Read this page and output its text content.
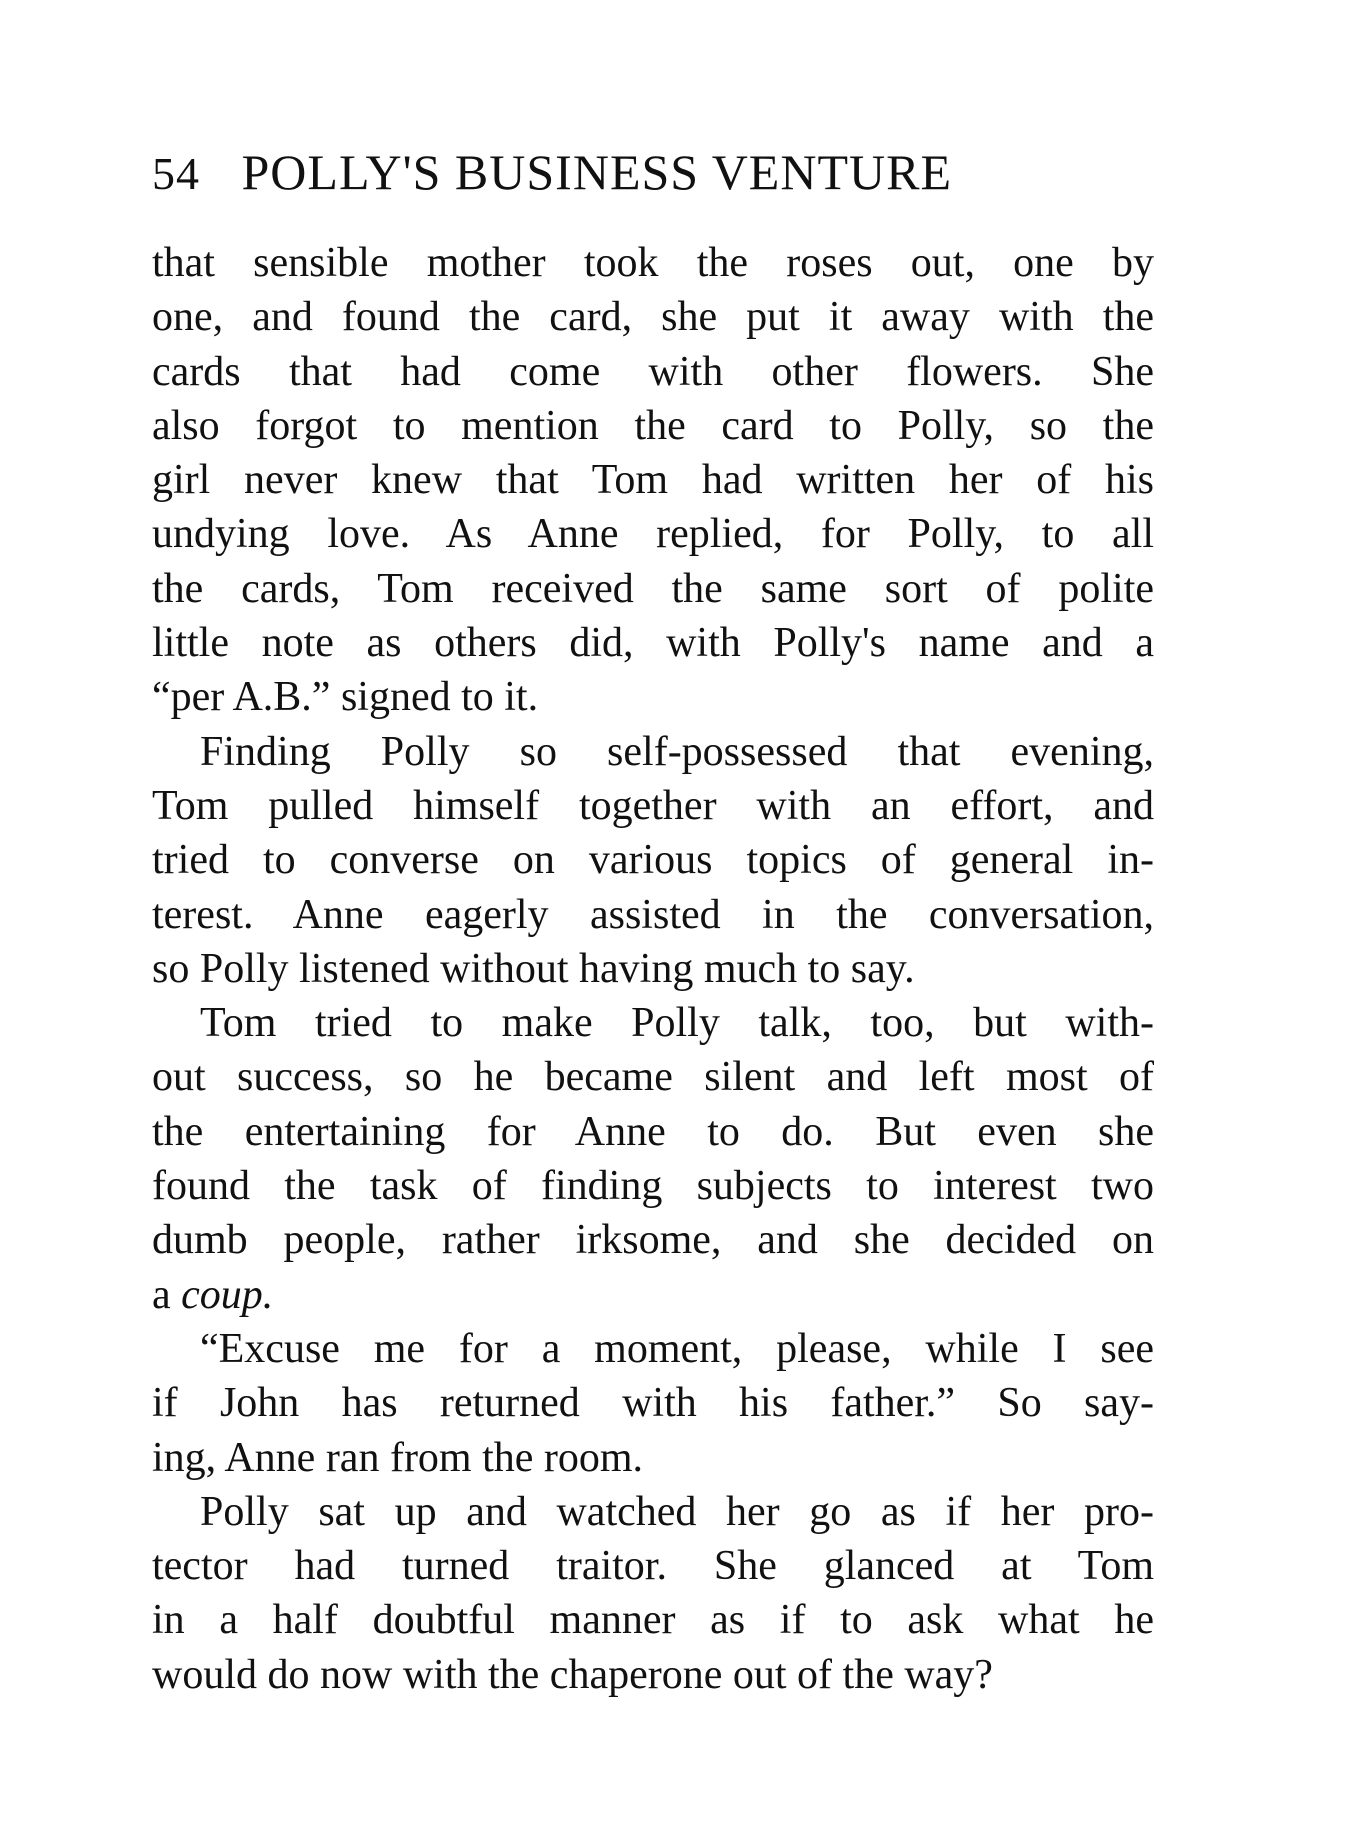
54 POLLY'S BUSINESS VENTURE
that sensible mother took the roses out, one by
one, and found the card, she put it away with the
cards that had come with other flowers. She
also forgot to mention the card to Polly, so the
girl never knew that Tom had written her of his
undying love. As Anne replied, for Polly, to all
the cards, Tom received the same sort of polite
little note as others did, with Polly's name and a
“per A.B.” signed to it.
Finding Polly so self-possessed that evening,
Tom pulled himself together with an effort, and
tried to converse on various topics of general in-
terest. Anne eagerly assisted in the conversation,
so Polly listened without having much to say.
Tom tried to make Polly talk, too, but with-
out success, so he became silent and left most of
the entertaining for Anne to do. But even she
found the task of finding subjects to interest two
dumb people, rather irksome, and she decided on
a coup.
“Excuse me for a moment, please, while I see
if John has returned with his father.” So say-
ing, Anne ran from the room.
Polly sat up and watched her go as if her pro-
tector had turned traitor. She glanced at Tom
in a half doubtful manner as if to ask what he
would do now with the chaperone out of the way?
